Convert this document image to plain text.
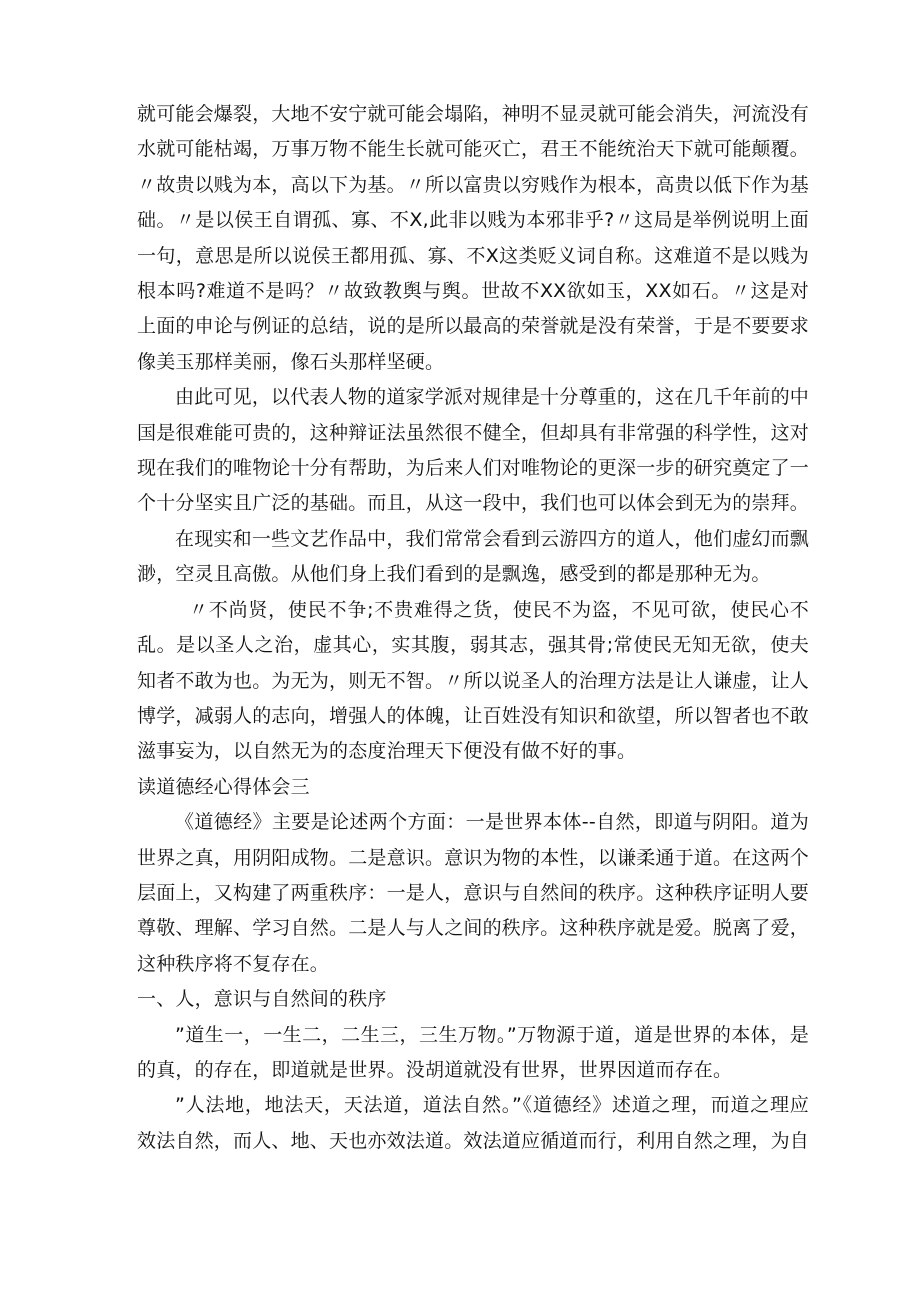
就可能会爆裂，大地不安宁就可能会塌陷，神明不显灵就可能会消失，河流没有水就可能枯竭，万事万物不能生长就可能灭亡，君王不能统治天下就可能颠覆。〃故贵以贱为本，高以下为基。〃所以富贵以穷贱作为根本，高贵以低下作为基础。〃是以侯王自谓孤、寡、不X,此非以贱为本邪非乎?〃这局是举例说明上面一句，意思是所以说侯王都用孤、寡、不X这类贬义词自称。这难道不是以贱为根本吗?难道不是吗？〃故致教舆与舆。世故不XX欲如玉，XX如石。〃这是对上面的申论与例证的总结，说的是所以最高的荣誉就是没有荣誉，于是不要要求像美玉那样美丽，像石头那样坚硬。

由此可见，以代表人物的道家学派对规律是十分尊重的，这在几千年前的中国是很难能可贵的，这种辩证法虽然很不健全，但却具有非常强的科学性，这对现在我们的唯物论十分有帮助，为后来人们对唯物论的更深一步的研究奠定了一个十分坚实且广泛的基础。而且，从这一段中，我们也可以体会到无为的崇拜。

在现实和一些文艺作品中，我们常常会看到云游四方的道人，他们虚幻而飘渺，空灵且高傲。从他们身上我们看到的是飘逸，感受到的都是那种无为。

〃不尚贤，使民不争;不贵难得之货，使民不为盗，不见可欲，使民心不乱。是以圣人之治，虚其心，实其腹，弱其志，强其骨;常使民无知无欲，使夫知者不敢为也。为无为，则无不智。〃所以说圣人的治理方法是让人谦虚，让人博学，减弱人的志向，增强人的体魄，让百姓没有知识和欲望，所以智者也不敢滋事妄为，以自然无为的态度治理天下便没有做不好的事。

读道德经心得体会三

《道德经》主要是论述两个方面：一是世界本体--自然，即道与阴阳。道为世界之真，用阴阳成物。二是意识。意识为物的本性，以谦柔通于道。在这两个层面上，又构建了两重秩序：一是人，意识与自然间的秩序。这种秩序证明人要尊敬、理解、学习自然。二是人与人之间的秩序。这种秩序就是爱。脱离了爱，这种秩序将不复存在。

一、人，意识与自然间的秩序

”道生一，一生二，二生三，三生万物。”万物源于道，道是世界的本体，是的真，的存在，即道就是世界。没胡道就没有世界，世界因道而存在。

”人法地，地法天，天法道，道法自然。”《道德经》述道之理，而道之理应效法自然，而人、地、天也亦效法道。效法道应循道而行，利用自然之理，为自
